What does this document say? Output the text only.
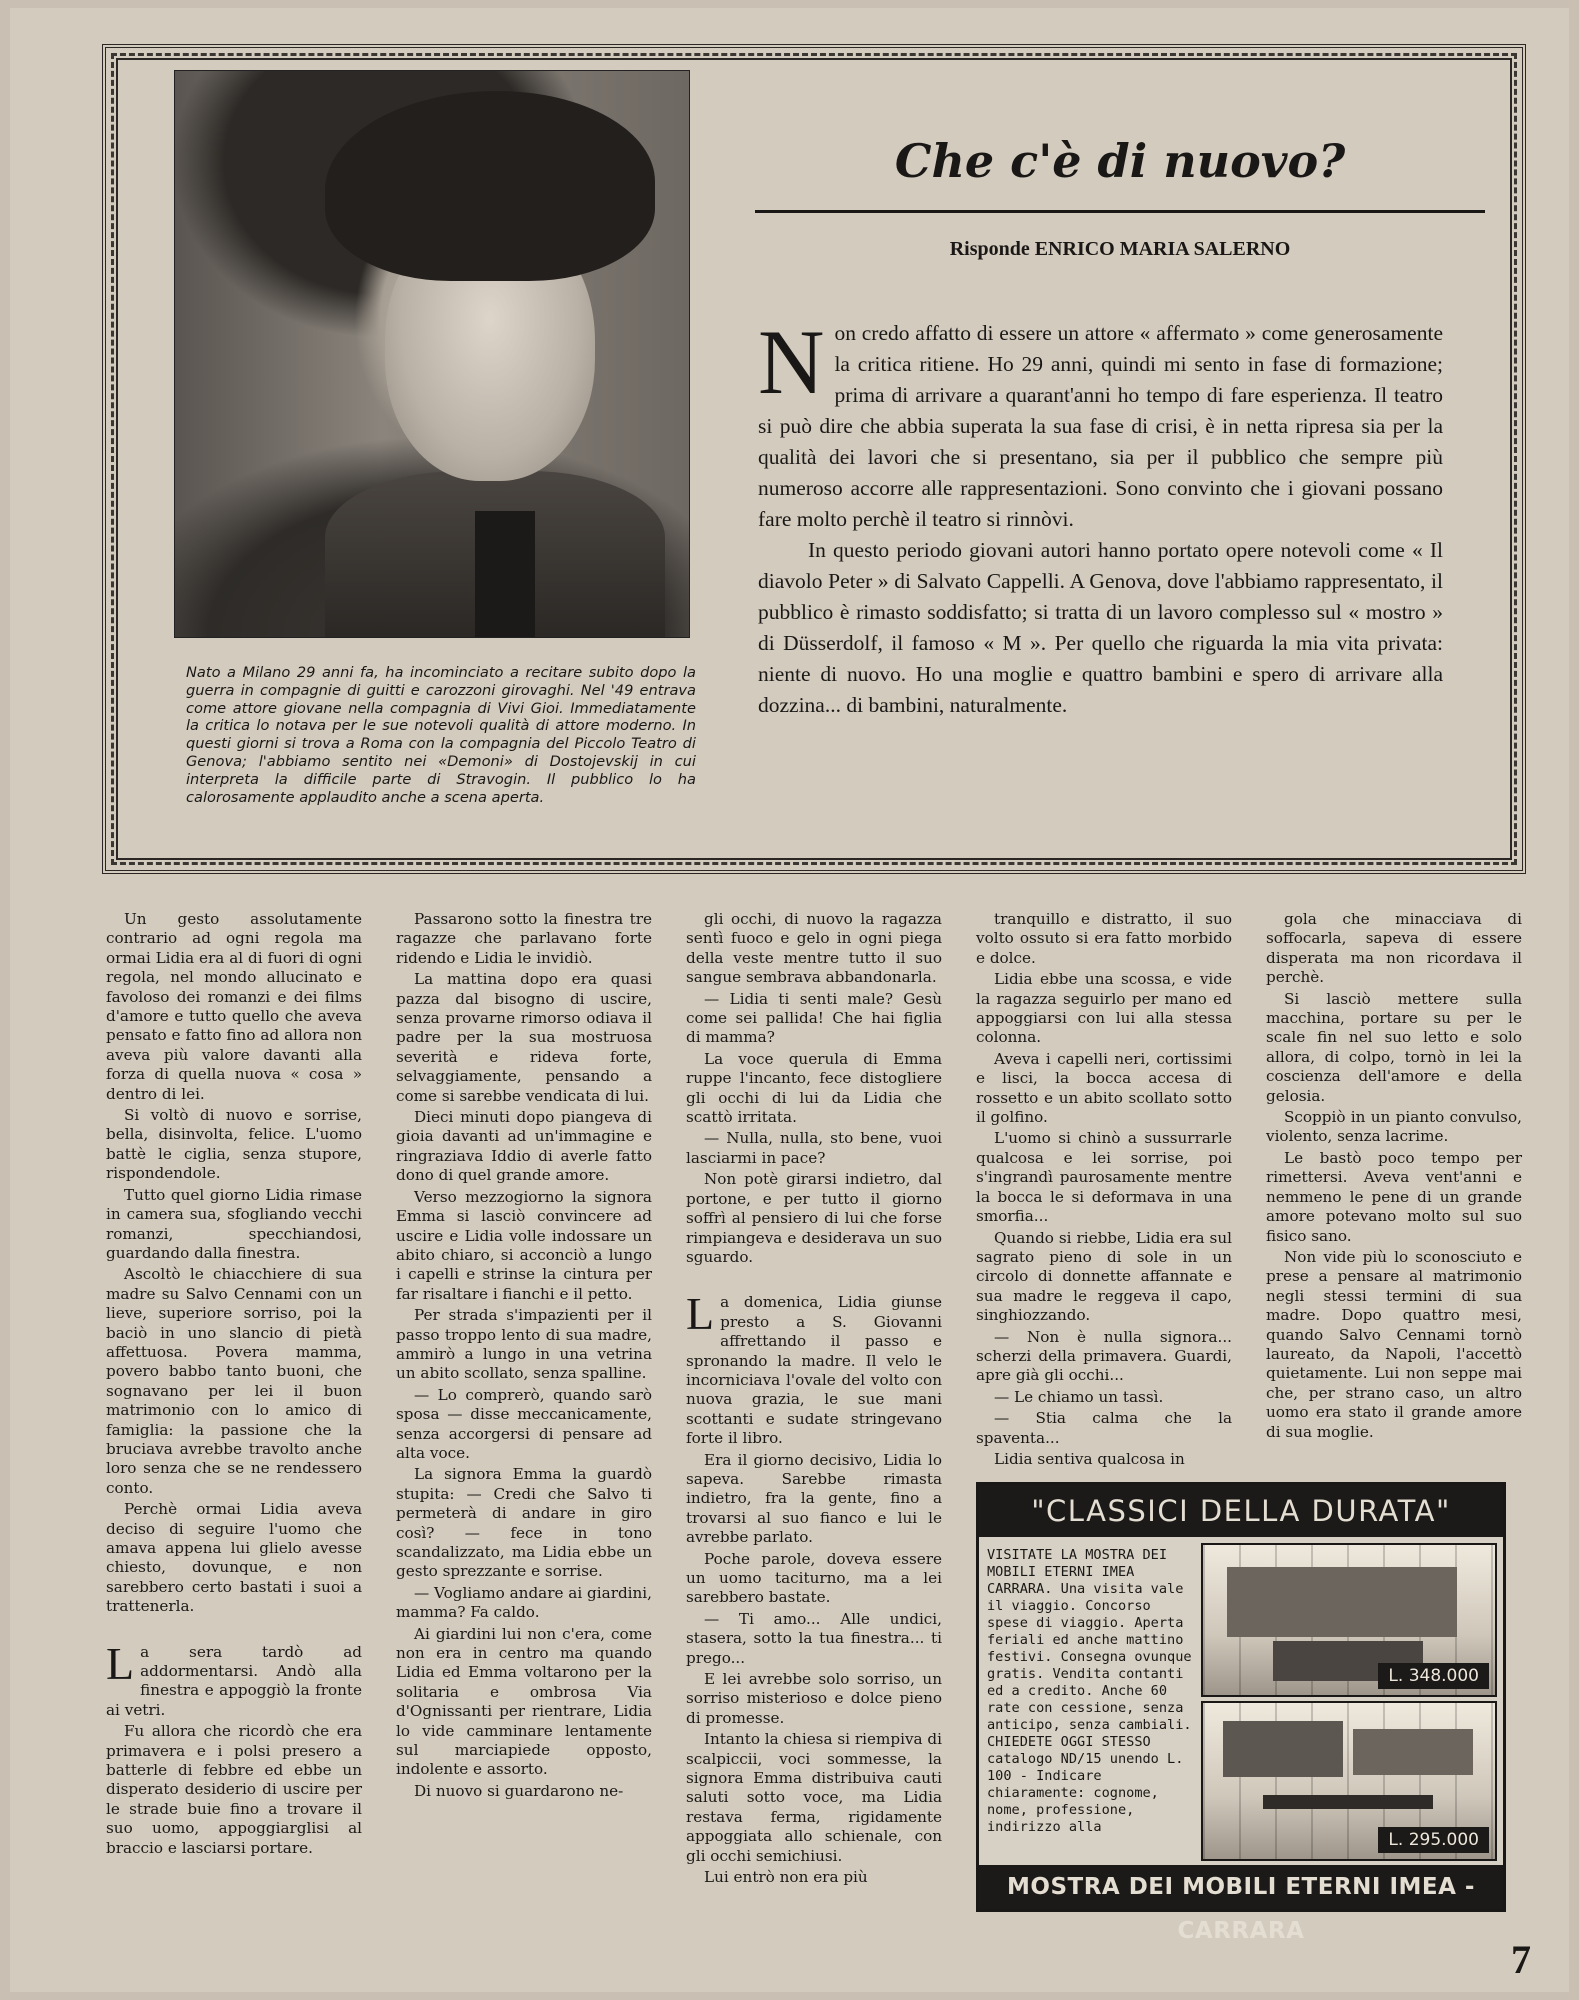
Nato a Milano 29 anni fa, ha incominciato a recitare subito dopo la guerra in compagnie di guitti e carozzoni girovaghi. Nel '49 entrava come attore giovane nella compagnia di Vivi Gioi. Immediatamente la critica lo notava per le sue notevoli qualità di attore moderno. In questi giorni si trova a Roma con la compagnia del Piccolo Teatro di Genova; l'abbiamo sentito nei «Demoni» di Dostojevskij in cui interpreta la difficile parte di Stravogin. Il pubblico lo ha calorosamente applaudito anche a scena aperta.

Che c'è di nuovo?

Risponde ENRICO MARIA SALERNO

Non credo affatto di essere un attore « affermato » come generosamente la critica ritiene. Ho 29 anni, quindi mi sento in fase di formazione; prima di arrivare a quarant'anni ho tempo di fare esperienza. Il teatro si può dire che abbia superata la sua fase di crisi, è in netta ripresa sia per la qualità dei lavori che si presentano, sia per il pubblico che sempre più numeroso accorre alle rappresentazioni. Sono convinto che i giovani possano fare molto perchè il teatro si rinnòvi.

In questo periodo giovani autori hanno portato opere notevoli come « Il diavolo Peter » di Salvato Cappelli. A Genova, dove l'abbiamo rappresentato, il pubblico è rimasto soddisfatto; si tratta di un lavoro complesso sul « mostro » di Düsserdolf, il famoso « M ». Per quello che riguarda la mia vita privata: niente di nuovo. Ho una moglie e quattro bambini e spero di arrivare alla dozzina... di bambini, naturalmente.

Un gesto assolutamente contrario ad ogni regola ma ormai Lidia era al di fuori di ogni regola, nel mondo allucinato e favoloso dei romanzi e dei films d'amore e tutto quello che aveva pensato e fatto fino ad allora non aveva più valore davanti alla forza di quella nuova « cosa » dentro di lei.

Si voltò di nuovo e sorrise, bella, disinvolta, felice. L'uomo battè le ciglia, senza stupore, rispondendole.

Tutto quel giorno Lidia rimase in camera sua, sfogliando vecchi romanzi, specchiandosi, guardando dalla finestra.

Ascoltò le chiacchiere di sua madre su Salvo Cennami con un lieve, superiore sorriso, poi la baciò in uno slancio di pietà affettuosa. Povera mamma, povero babbo tanto buoni, che sognavano per lei il buon matrimonio con lo amico di famiglia: la passione che la bruciava avrebbe travolto anche loro senza che se ne rendessero conto.

Perchè ormai Lidia aveva deciso di seguire l'uomo che amava appena lui glielo avesse chiesto, dovunque, e non sarebbero certo bastati i suoi a trattenerla.

La sera tardò ad addormentarsi. Andò alla finestra e appoggiò la fronte ai vetri.

Fu allora che ricordò che era primavera e i polsi presero a batterle di febbre ed ebbe un disperato desiderio di uscire per le strade buie fino a trovare il suo uomo, appoggiarglisi al braccio e lasciarsi portare.

Passarono sotto la finestra tre ragazze che parlavano forte ridendo e Lidia le invidiò.

La mattina dopo era quasi pazza dal bisogno di uscire, senza provarne rimorso odiava il padre per la sua mostruosa severità e rideva forte, selvaggiamente, pensando a come si sarebbe vendicata di lui.

Dieci minuti dopo piangeva di gioia davanti ad un'immagine e ringraziava Iddio di averle fatto dono di quel grande amore.

Verso mezzogiorno la signora Emma si lasciò convincere ad uscire e Lidia volle indossare un abito chiaro, si acconciò a lungo i capelli e strinse la cintura per far risaltare i fianchi e il petto.

Per strada s'impazienti per il passo troppo lento di sua madre, ammirò a lungo in una vetrina un abito scollato, senza spalline.

— Lo comprerò, quando sarò sposa — disse meccanicamente, senza accorgersi di pensare ad alta voce.

La signora Emma la guardò stupita: — Credi che Salvo ti permeterà di andare in giro così? — fece in tono scandalizzato, ma Lidia ebbe un gesto sprezzante e sorrise.

— Vogliamo andare ai giardini, mamma? Fa caldo.

Ai giardini lui non c'era, come non era in centro ma quando Lidia ed Emma voltarono per la solitaria e ombrosa Via d'Ognissanti per rientrare, Lidia lo vide camminare lentamente sul marciapiede opposto, indolente e assorto.

Di nuovo si guardarono ne-

gli occhi, di nuovo la ragazza sentì fuoco e gelo in ogni piega della veste mentre tutto il suo sangue sembrava abbandonarla.

— Lidia ti senti male? Gesù come sei pallida! Che hai figlia di mamma?

La voce querula di Emma ruppe l'incanto, fece distogliere gli occhi di lui da Lidia che scattò irritata.

— Nulla, nulla, sto bene, vuoi lasciarmi in pace?

Non potè girarsi indietro, dal portone, e per tutto il giorno soffrì al pensiero di lui che forse rimpiangeva e desiderava un suo sguardo.

La domenica, Lidia giunse presto a S. Giovanni affrettando il passo e spronando la madre. Il velo le incorniciava l'ovale del volto con nuova grazia, le sue mani scottanti e sudate stringevano forte il libro.

Era il giorno decisivo, Lidia lo sapeva. Sarebbe rimasta indietro, fra la gente, fino a trovarsi al suo fianco e lui le avrebbe parlato.

Poche parole, doveva essere un uomo taciturno, ma a lei sarebbero bastate.

— Ti amo... Alle undici, stasera, sotto la tua finestra... ti prego...

E lei avrebbe solo sorriso, un sorriso misterioso e dolce pieno di promesse.

Intanto la chiesa si riempiva di scalpiccii, voci sommesse, la signora Emma distribuiva cauti saluti sotto voce, ma Lidia restava ferma, rigidamente appoggiata allo schienale, con gli occhi semichiusi.

Lui entrò non era più

tranquillo e distratto, il suo volto ossuto si era fatto morbido e dolce.

Lidia ebbe una scossa, e vide la ragazza seguirlo per mano ed appoggiarsi con lui alla stessa colonna.

Aveva i capelli neri, cortissimi e lisci, la bocca accesa di rossetto e un abito scollato sotto il golfino.

L'uomo si chinò a sussurrarle qualcosa e lei sorrise, poi s'ingrandì paurosamente mentre la bocca le si deformava in una smorfia...

Quando si riebbe, Lidia era sul sagrato pieno di sole in un circolo di donnette affannate e sua madre le reggeva il capo, singhiozzando.

— Non è nulla signora... scherzi della primavera. Guardi, apre già gli occhi...

— Le chiamo un tassì.

— Stia calma che la spaventa...

Lidia sentiva qualcosa in

gola che minacciava di soffocarla, sapeva di essere disperata ma non ricordava il perchè.

Si lasciò mettere sulla macchina, portare su per le scale fin nel suo letto e solo allora, di colpo, tornò in lei la coscienza dell'amore e della gelosia.

Scoppiò in un pianto convulso, violento, senza lacrime.

Le bastò poco tempo per rimettersi. Aveva vent'anni e nemmeno le pene di un grande amore potevano molto sul suo fisico sano.

Non vide più lo sconosciuto e prese a pensare al matrimonio negli stessi termini di sua madre. Dopo quattro mesi, quando Salvo Cennami tornò laureato, da Napoli, l'accettò quietamente. Lui non seppe mai che, per strano caso, un altro uomo era stato il grande amore di sua moglie.

"CLASSICI DELLA DURATA"

VISITATE LA MOSTRA DEI MOBILI ETERNI IMEA CARRARA. Una visita vale il viaggio. Concorso spese di viaggio. Aperta feriali ed anche mattino festivi. Consegna ovunque gratis. Vendita contanti ed a credito. Anche 60 rate con cessione, senza anticipo, senza cambiali. CHIEDETE OGGI STESSO catalogo ND/15 unendo L. 100 - Indicare chiaramente: cognome, nome, professione, indirizzo alla

L. 348.000
L. 295.000

MOSTRA DEI MOBILI ETERNI IMEA - CARRARA

7
